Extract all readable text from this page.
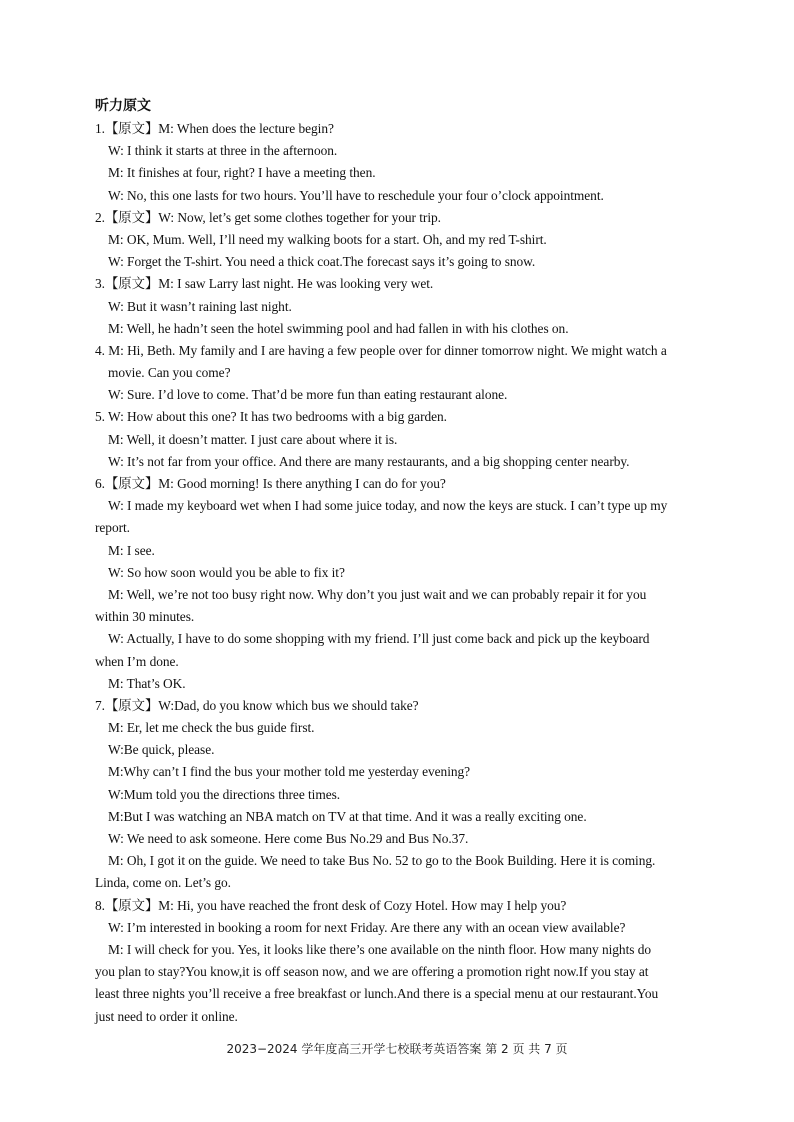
听力原文
1.【原文】M: When does the lecture begin?
W: I think it starts at three in the afternoon.
M: It finishes at four, right? I have a meeting then.
W: No, this one lasts for two hours. You’ll have to reschedule your four o’clock appointment.
2.【原文】W: Now, let’s get some clothes together for your trip.
M: OK, Mum. Well, I’ll need my walking boots for a start. Oh, and my red T-shirt.
W: Forget the T-shirt. You need a thick coat.The forecast says it’s going to snow.
3.【原文】M: I saw Larry last night. He was looking very wet.
W: But it wasn’t raining last night.
M: Well, he hadn’t seen the hotel swimming pool and had fallen in with his clothes on.
4. M: Hi, Beth. My family and I are having a few people over for dinner tomorrow night. We might watch a
movie. Can you come?
W: Sure. I’d love to come. That’d be more fun than eating restaurant alone.
5. W: How about this one? It has two bedrooms with a big garden.
M: Well, it doesn’t matter. I just care about where it is.
W: It’s not far from your office. And there are many restaurants, and a big shopping center nearby.
6.【原文】M: Good morning! Is there anything I can do for you?
W: I made my keyboard wet when I had some juice today, and now the keys are stuck. I can’t type up my
report.
M: I see.
W: So how soon would you be able to fix it?
M: Well, we’re not too busy right now. Why don’t you just wait and we can probably repair it for you
within 30 minutes.
W: Actually, I have to do some shopping with my friend. I’ll just come back and pick up the keyboard
when I’m done.
M: That’s OK.
7.【原文】W:Dad, do you know which bus we should take?
M: Er, let me check the bus guide first.
W:Be quick, please.
M:Why can’t I find the bus your mother told me yesterday evening?
W:Mum told you the directions three times.
M:But I was watching an NBA match on TV at that time. And it was a really exciting one.
W: We need to ask someone. Here come Bus No.29 and Bus No.37.
M: Oh, I got it on the guide. We need to take Bus No. 52 to go to the Book Building. Here it is coming.
Linda, come on. Let’s go.
8.【原文】M: Hi, you have reached the front desk of Cozy Hotel. How may I help you?
W: I’m interested in booking a room for next Friday. Are there any with an ocean view available?
M: I will check for you. Yes, it looks like there’s one available on the ninth floor. How many nights do
you plan to stay?You know,it is off season now, and we are offering a promotion right now.If you stay at
least three nights you’ll receive a free breakfast or lunch.And there is a special menu at our restaurant.You
just need to order it online.
2023−2024 学年度高三开学七校联考英语答案 第 2 页 共 7 页
